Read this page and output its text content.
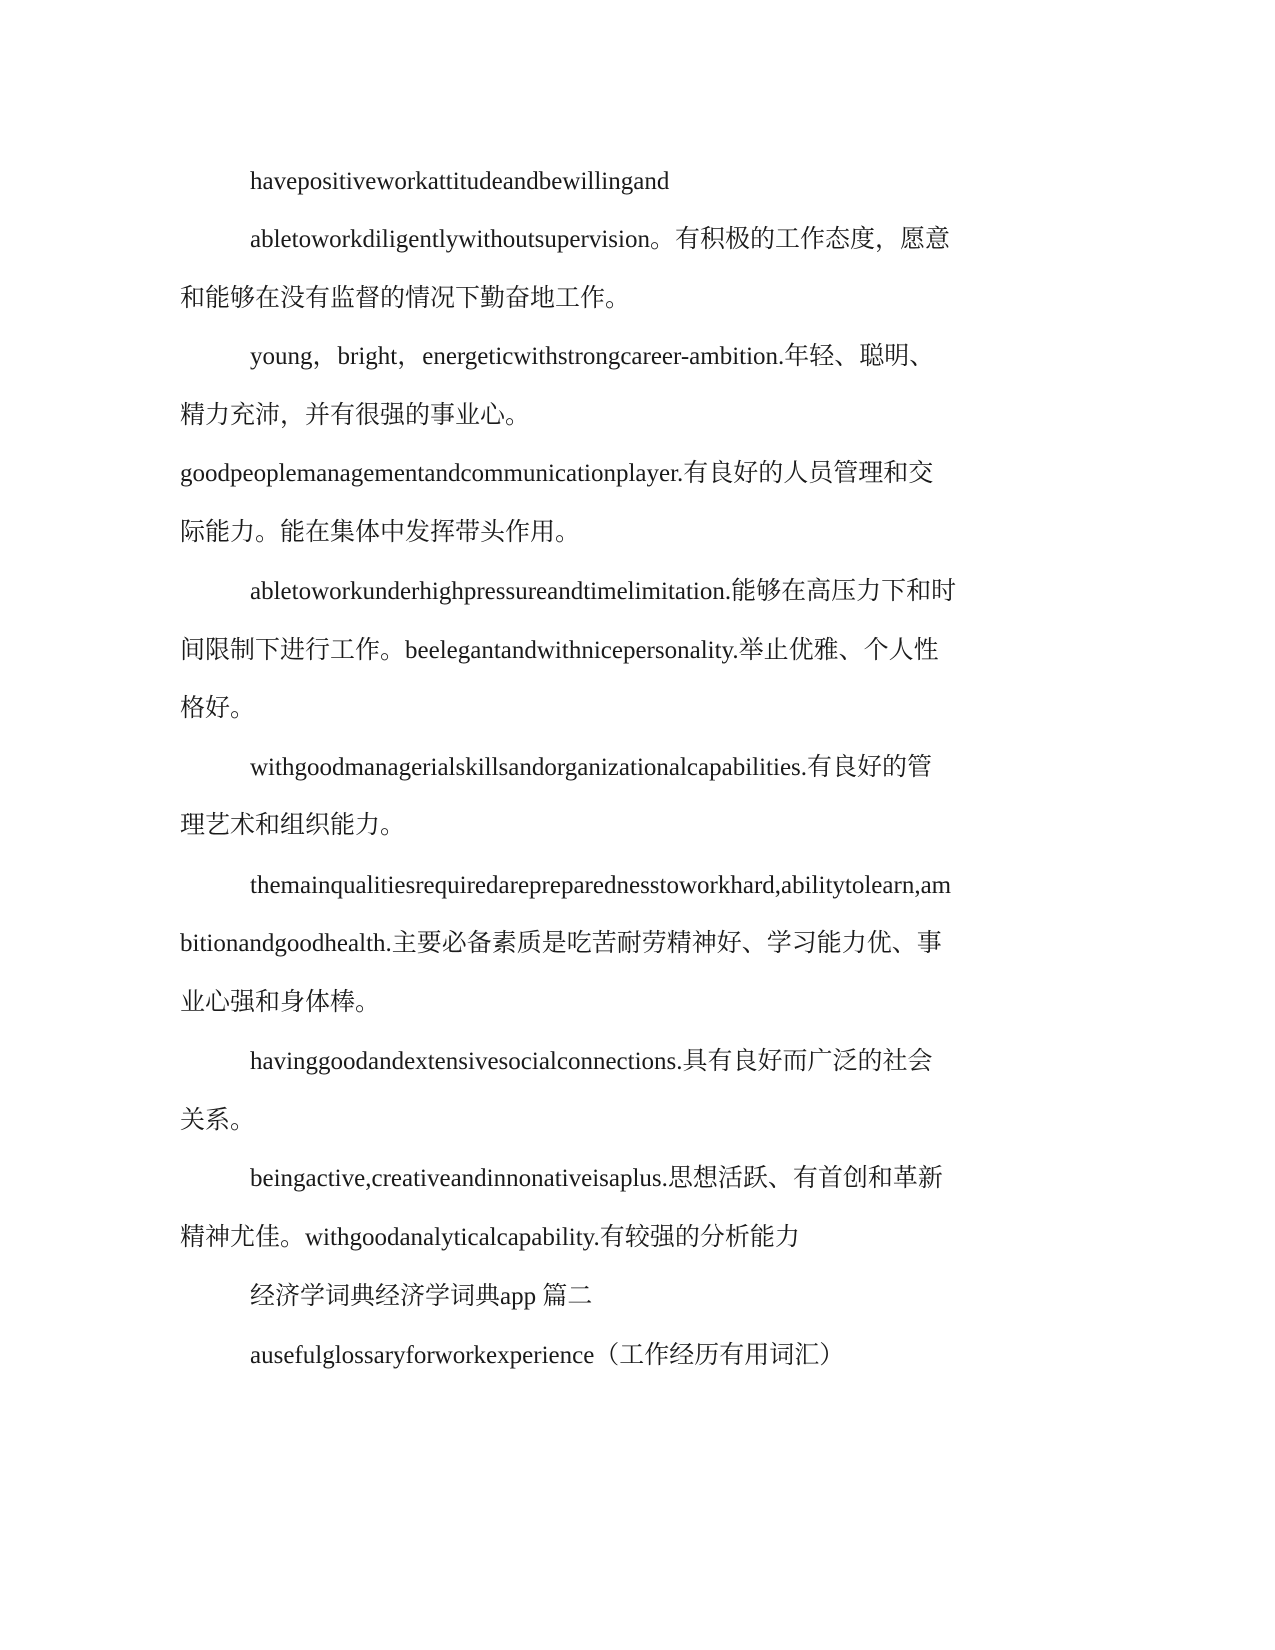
havepositiveworkattitudeandbewillingand
abletoworkdiligentlywithoutsupervision。有积极的工作态度，愿意
和能够在没有监督的情况下勤奋地工作。
young，bright，energeticwithstrongcareer-ambition.年轻、聪明、
精力充沛，并有很强的事业心。
goodpeoplemanagementandcommunicationplayer.有良好的人员管理和交
际能力。能在集体中发挥带头作用。
abletoworkunderhighpressureandtimelimitation.能够在高压力下和时
间限制下进行工作。beelegantandwithnicepersonality.举止优雅、个人性
格好。
withgoodmanagerialskillsandorganizationalcapabilities.有良好的管
理艺术和组织能力。
themainqualitiesrequiredarepreparednesstoworkhard,abilitytolearn,am
bitionandgoodhealth.主要必备素质是吃苦耐劳精神好、学习能力优、事
业心强和身体棒。
havinggoodandextensivesocialconnections.具有良好而广泛的社会
关系。
beingactive,creativeandinnonativeisaplus.思想活跃、有首创和革新
精神尤佳。withgoodanalyticalcapability.有较强的分析能力
经济学词典经济学词典app 篇二
ausefulglossaryforworkexperience（工作经历有用词汇）
